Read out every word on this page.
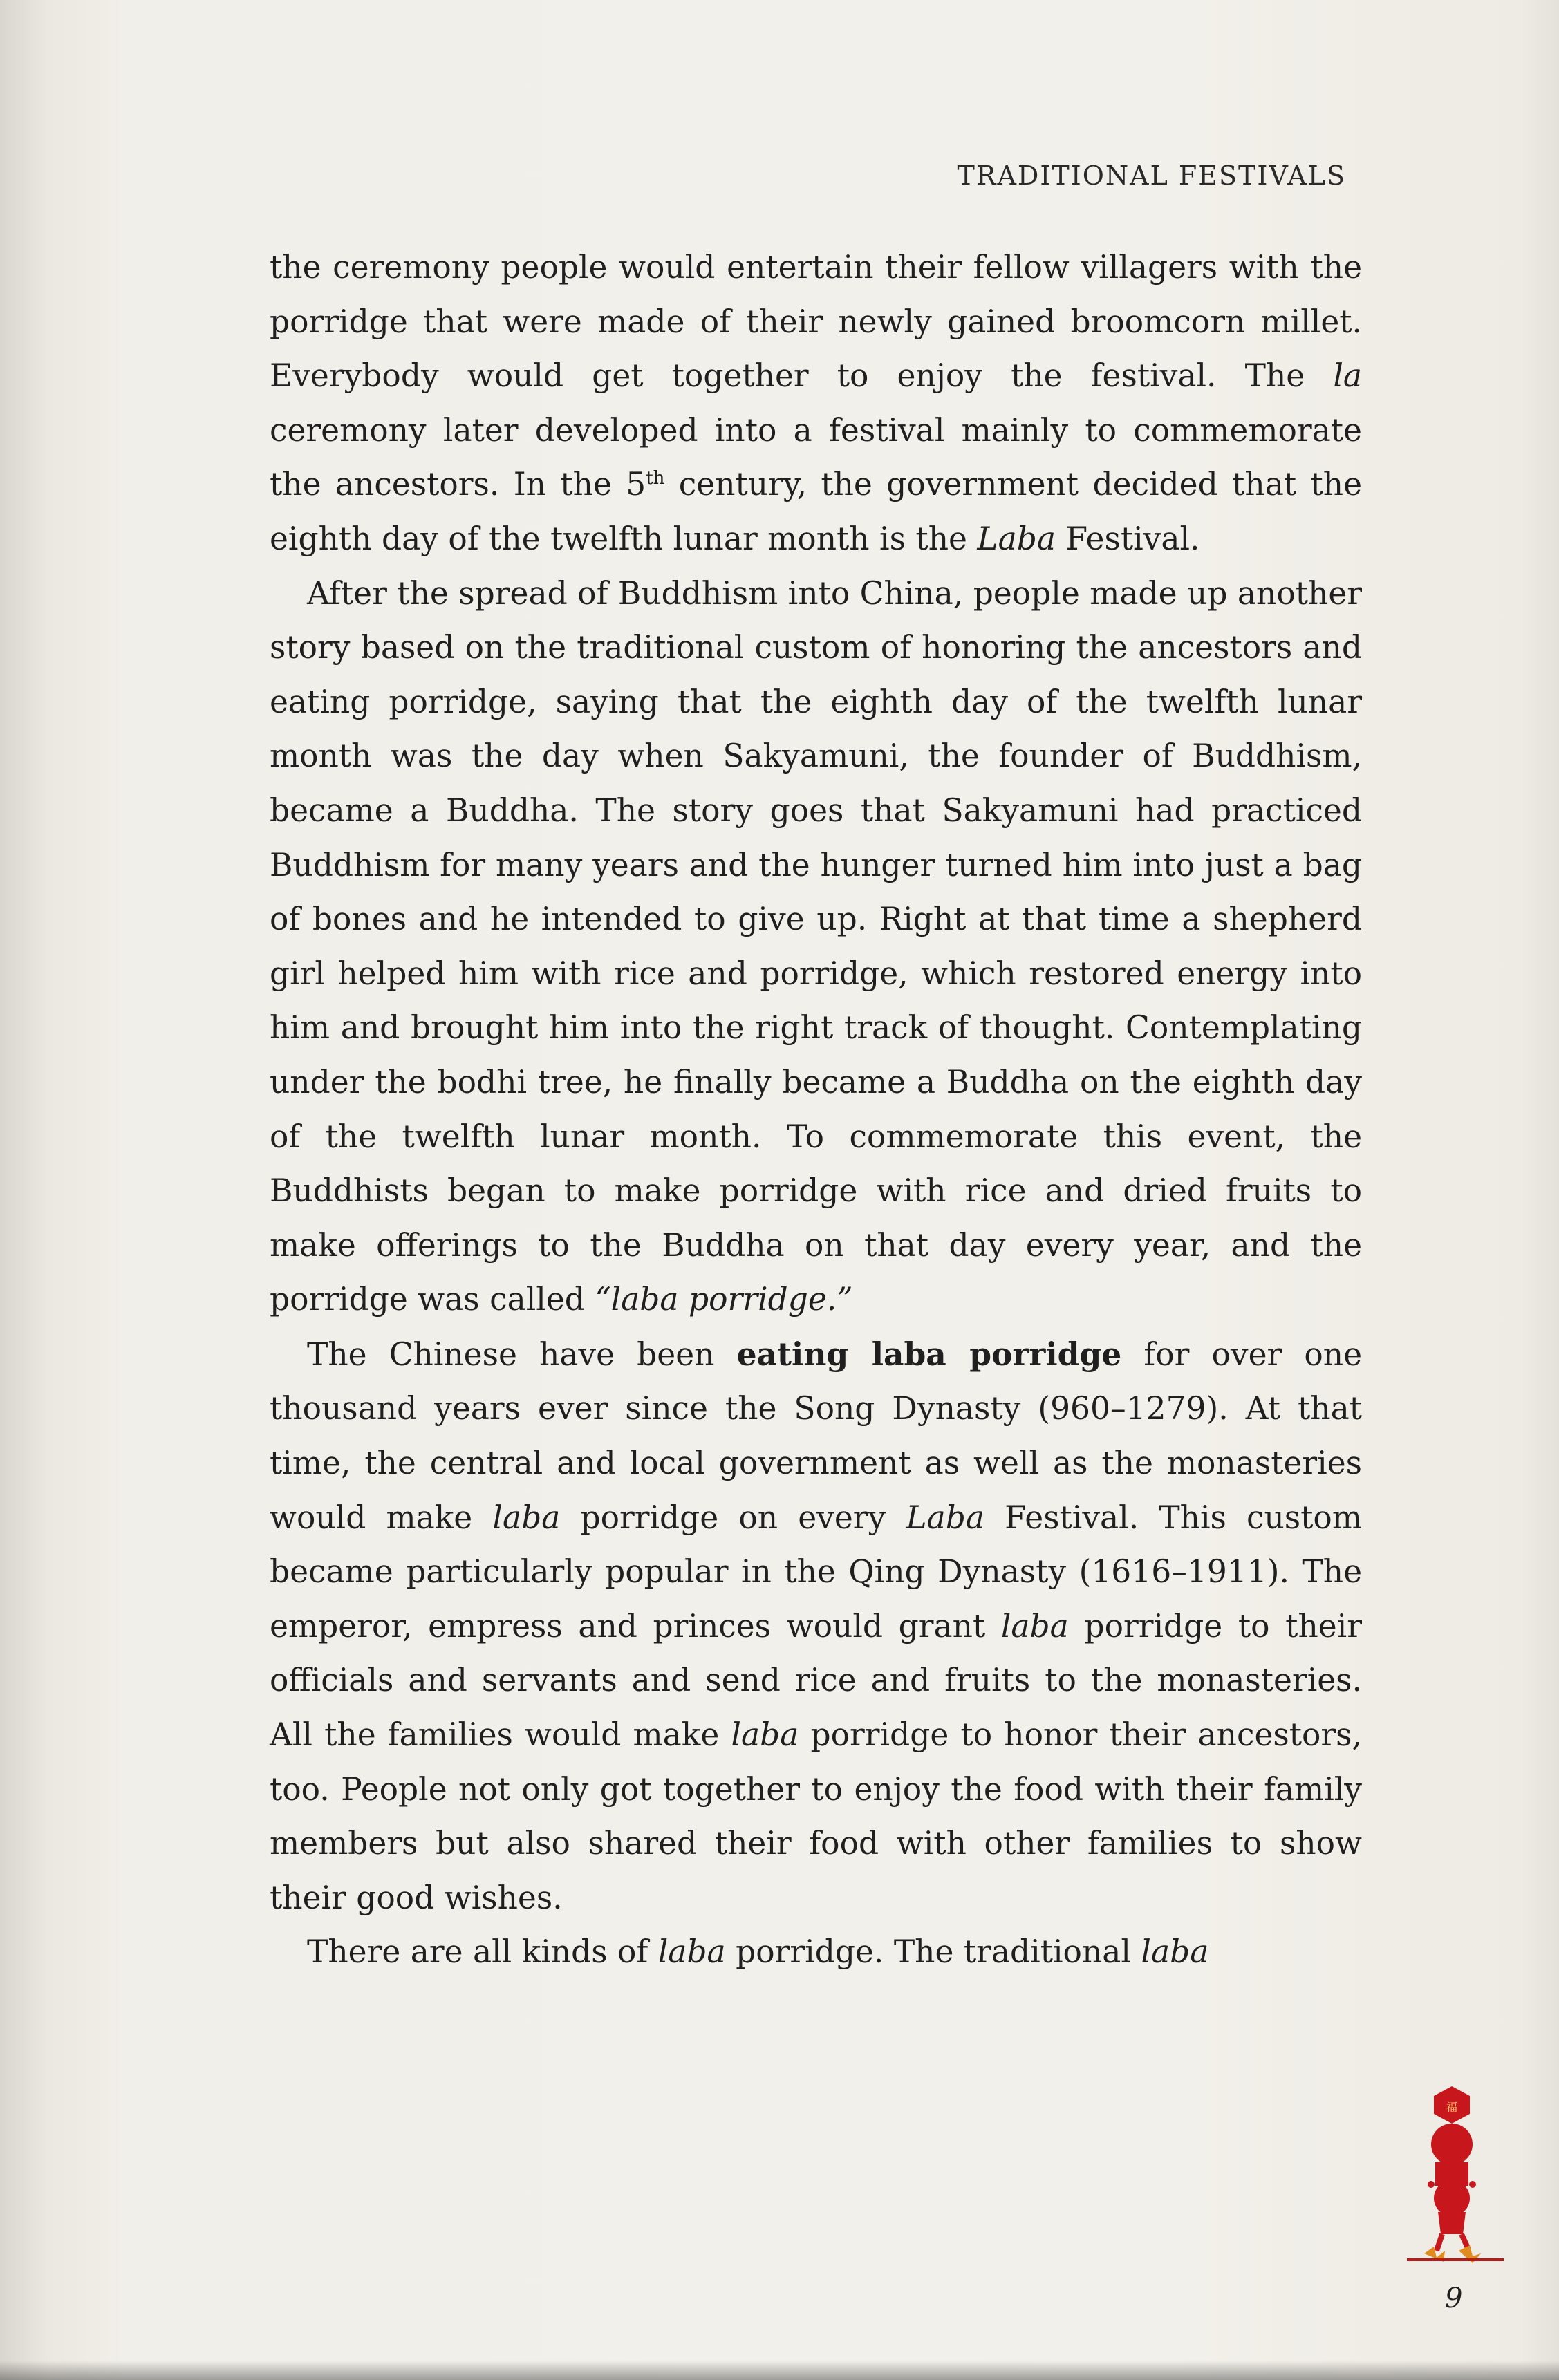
TRADITIONAL FESTIVALS

the ceremony people would entertain their fellow villagers with the porridge that were made of their newly gained broomcorn millet. Everybody would get together to enjoy the festival. The la ceremony later developed into a festival mainly to commemorate the ancestors. In the 5th century, the government decided that the eighth day of the twelfth lunar month is the Laba Festival.

After the spread of Buddhism into China, people made up another story based on the traditional custom of honoring the ancestors and eating porridge, saying that the eighth day of the twelfth lunar month was the day when Sakyamuni, the founder of Buddhism, became a Buddha. The story goes that Sakyamuni had practiced Buddhism for many years and the hunger turned him into just a bag of bones and he intended to give up. Right at that time a shepherd girl helped him with rice and porridge, which restored energy into him and brought him into the right track of thought. Contemplating under the bodhi tree, he finally became a Buddha on the eighth day of the twelfth lunar month. To commemorate this event, the Buddhists began to make porridge with rice and dried fruits to make offerings to the Buddha on that day every year, and the porridge was called “laba porridge.”

The Chinese have been eating laba porridge for over one thousand years ever since the Song Dynasty (960–1279). At that time, the central and local government as well as the monasteries would make laba porridge on every Laba Festival. This custom became particularly popular in the Qing Dynasty (1616–1911). The emperor, empress and princes would grant laba porridge to their officials and servants and send rice and fruits to the monasteries. All the families would make laba porridge to honor their ancestors, too. People not only got together to enjoy the food with their family members but also shared their food with other families to show their good wishes.

There are all kinds of laba porridge. The traditional laba

福
9
